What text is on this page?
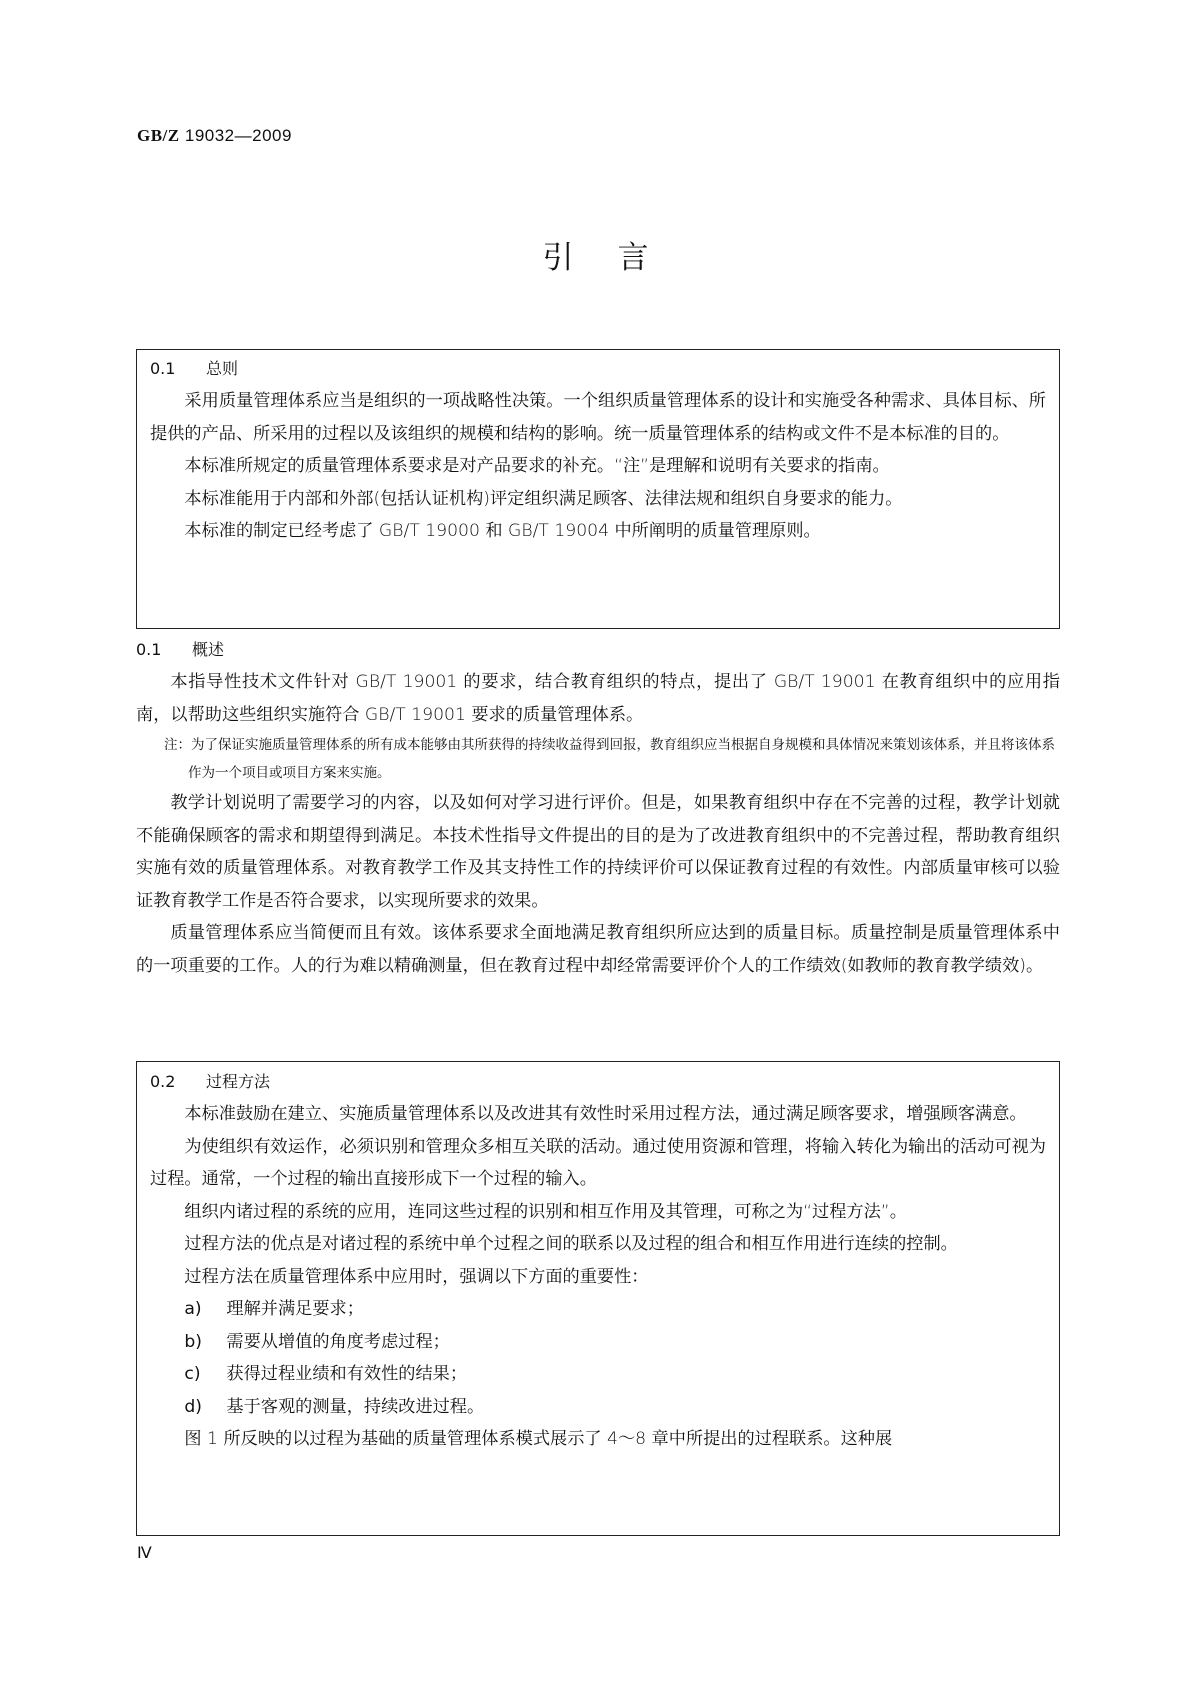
GB/Z 19032—2009
引言
0.1 总则

采用质量管理体系应当是组织的一项战略性决策。一个组织质量管理体系的设计和实施受各种需求、具体目标、所提供的产品、所采用的过程以及该组织的规模和结构的影响。统一质量管理体系的结构或文件不是本标准的目的。

本标准所规定的质量管理体系要求是对产品要求的补充。“注”是理解和说明有关要求的指南。

本标准能用于内部和外部(包括认证机构)评定组织满足顾客、法律法规和组织自身要求的能力。

本标准的制定已经考虑了 GB/T 19000 和 GB/T 19004 中所阐明的质量管理原则。

0.1 概述

本指导性技术文件针对 GB/T 19001 的要求，结合教育组织的特点，提出了 GB/T 19001 在教育组织中的应用指南，以帮助这些组织实施符合 GB/T 19001 要求的质量管理体系。

注：为了保证实施质量管理体系的所有成本能够由其所获得的持续收益得到回报，教育组织应当根据自身规模和具体情况来策划该体系，并且将该体系作为一个项目或项目方案来实施。

教学计划说明了需要学习的内容，以及如何对学习进行评价。但是，如果教育组织中存在不完善的过程，教学计划就不能确保顾客的需求和期望得到满足。本技术性指导文件提出的目的是为了改进教育组织中的不完善过程，帮助教育组织实施有效的质量管理体系。对教育教学工作及其支持性工作的持续评价可以保证教育过程的有效性。内部质量审核可以验证教育教学工作是否符合要求，以实现所要求的效果。

质量管理体系应当简便而且有效。该体系要求全面地满足教育组织所应达到的质量目标。质量控制是质量管理体系中的一项重要的工作。人的行为难以精确测量，但在教育过程中却经常需要评价个人的工作绩效(如教师的教育教学绩效)。

0.2 过程方法

本标准鼓励在建立、实施质量管理体系以及改进其有效性时采用过程方法，通过满足顾客要求，增强顾客满意。

为使组织有效运作，必须识别和管理众多相互关联的活动。通过使用资源和管理，将输入转化为输出的活动可视为过程。通常，一个过程的输出直接形成下一个过程的输入。

组织内诸过程的系统的应用，连同这些过程的识别和相互作用及其管理，可称之为“过程方法”。

过程方法的优点是对诸过程的系统中单个过程之间的联系以及过程的组合和相互作用进行连续的控制。

过程方法在质量管理体系中应用时，强调以下方面的重要性：

a) 理解并满足要求；

b) 需要从增值的角度考虑过程；

c) 获得过程业绩和有效性的结果；

d) 基于客观的测量，持续改进过程。

图 1 所反映的以过程为基础的质量管理体系模式展示了 4～8 章中所提出的过程联系。这种展

Ⅳ
